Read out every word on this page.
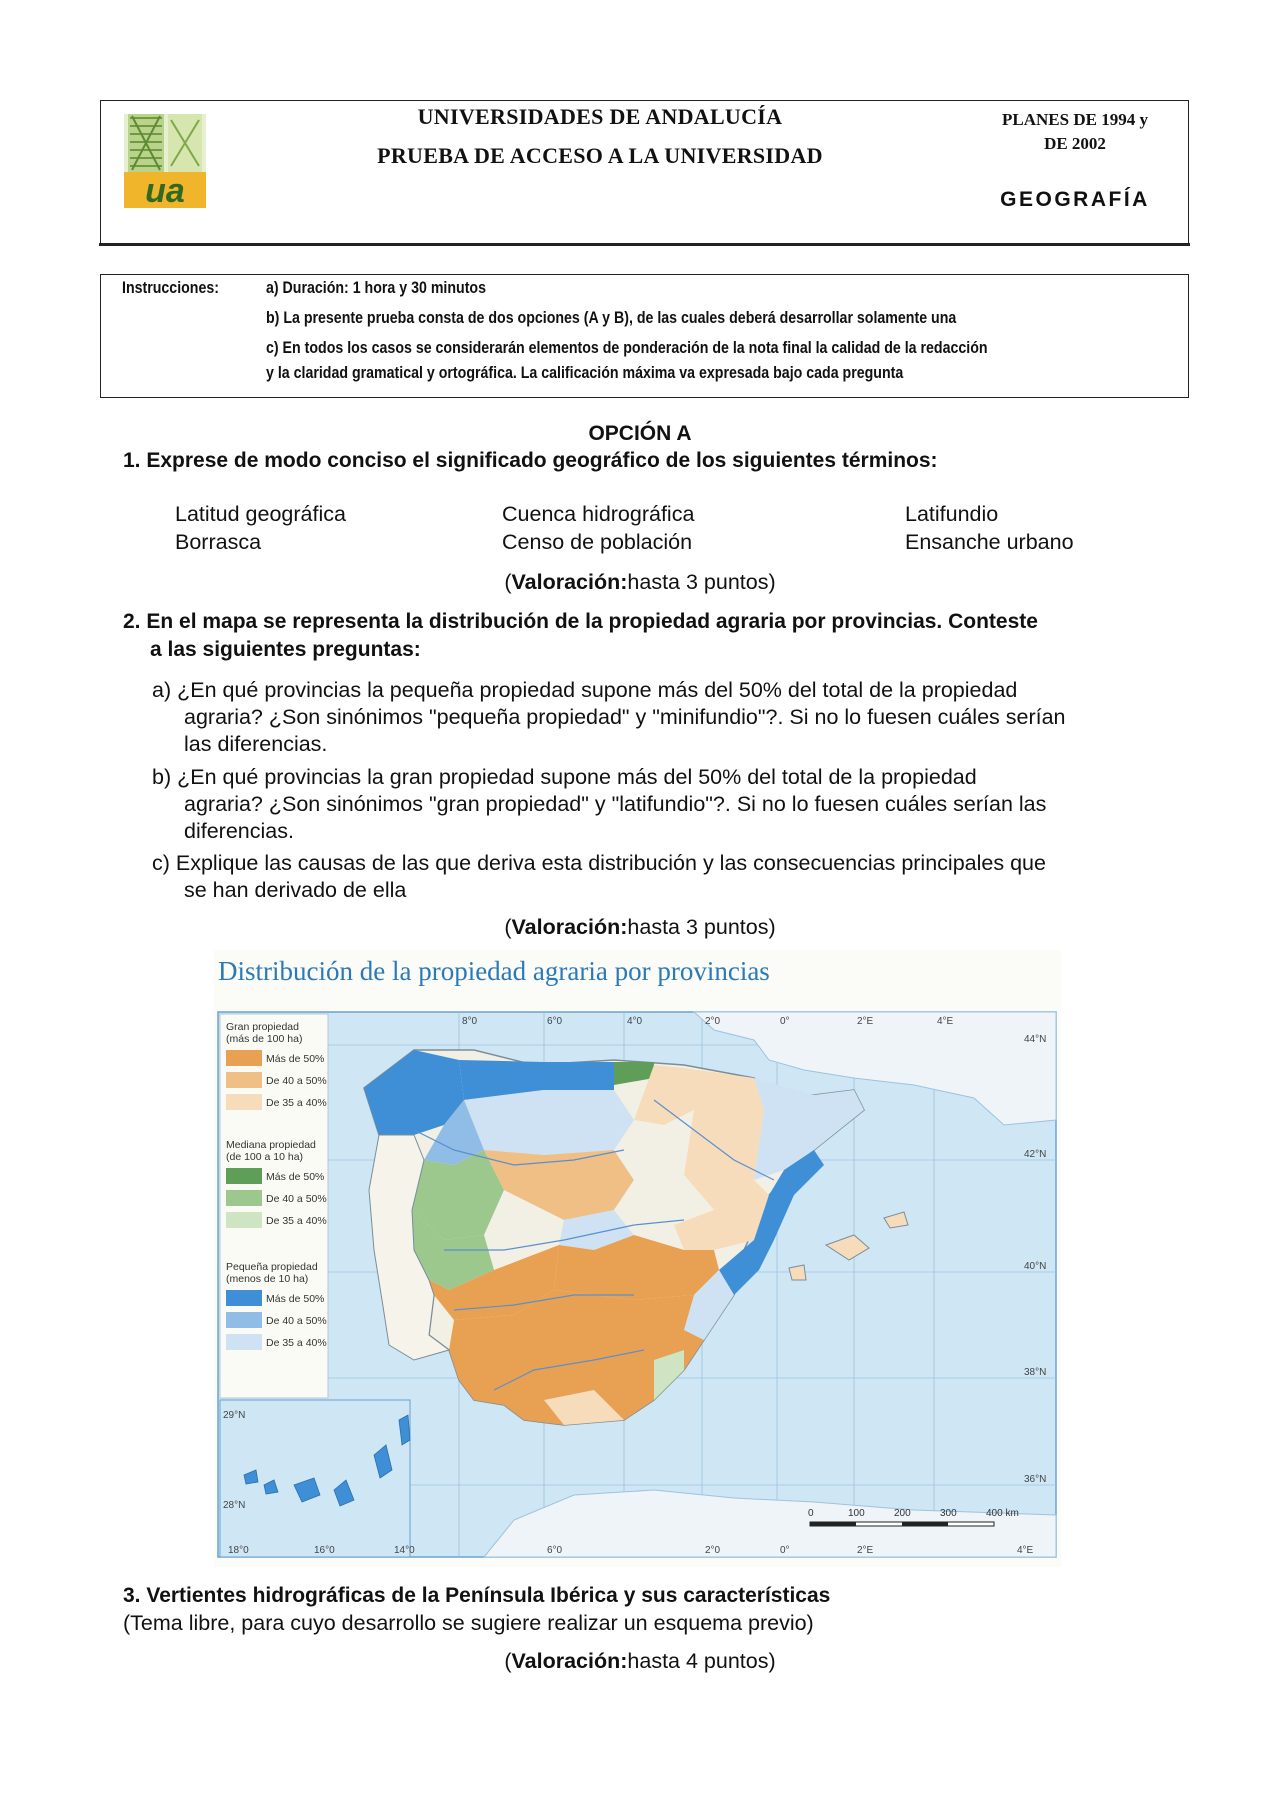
ua
UNIVERSIDADES DE ANDALUCÍA
PRUEBA DE ACCESO A LA UNIVERSIDAD
PLANES DE 1994 y
DE 2002
GEOGRAFÍA
Instrucciones:	a) Duración: 1 hora y 30 minutos
b) La presente prueba consta de dos opciones (A y B), de las cuales deberá desarrollar solamente una
c) En todos los casos se considerarán elementos de ponderación de la nota final la calidad de la redacción
y la claridad gramatical y ortográfica. La calificación máxima va expresada bajo cada pregunta
OPCIÓN A
1. Exprese de modo conciso el significado geográfico de los siguientes términos:
Latitud geográfica	Cuenca hidrográfica	Latifundio
Borrasca	Censo de población	Ensanche urbano
(Valoración:hasta 3 puntos)
2. En el mapa se representa la distribución de la propiedad agraria por provincias. Conteste
a las siguientes preguntas:
a) ¿En qué provincias la pequeña propiedad supone más del 50% del total de la propiedad
agraria? ¿Son sinónimos "pequeña propiedad" y "minifundio"?. Si no lo fuesen cuáles serían
las diferencias.
b) ¿En qué provincias la gran propiedad supone más del 50% del total de la propiedad
agraria? ¿Son sinónimos "gran propiedad" y "latifundio"?. Si no lo fuesen cuáles serían las
diferencias.
c) Explique las causas de las que deriva esta distribución y las consecuencias principales que
se han derivado de ella
(Valoración:hasta 3 puntos)
Distribución de la propiedad agraria por provincias
Gran propiedad
(más de 100 ha)
Más de 50%
De 40 a 50%
De 35 a 40%
Mediana propiedad
(de 100 a 10 ha)
Más de 50%
De 40 a 50%
De 35 a 40%
Pequeña propiedad
(menos de 10 ha)
Más de 50%
De 40 a 50%
De 35 a 40%
8°0	6°0	4°0	2°0	0°	2°E	4°E
44°N
42°N
40°N
38°N
36°N
29°N
28°N
18°0	16°0	14°0	6°0	2°0	0°	2°E	4°E
0	100	200	300	400 km
3. Vertientes hidrográficas de la Península Ibérica y sus características
(Tema libre, para cuyo desarrollo se sugiere realizar un esquema previo)
(Valoración:hasta 4 puntos)
